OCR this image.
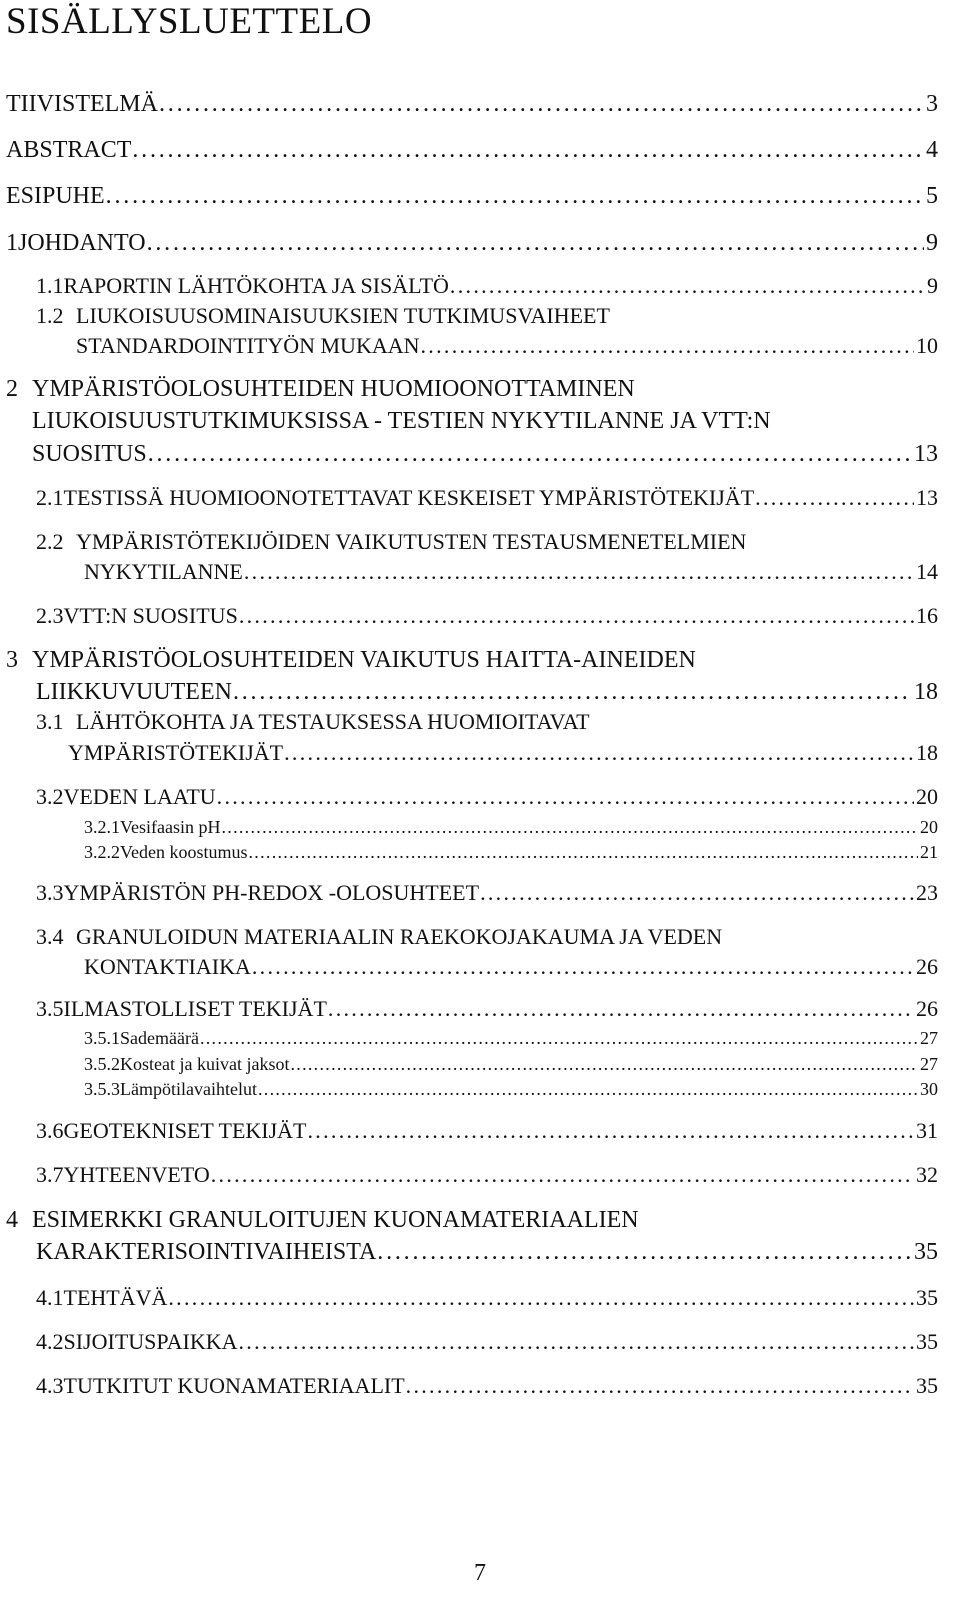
SISÄLLYSLUETTELO
TIIVISTELMÄ . . .	3
ABSTRACT . . .	4
ESIPUHE . . .	5
1 JOHDANTO . . .	9
1.1 RAPORTIN LÄHTÖKOHTA JA SISÄLTÖ . . .	9
1.2 LIUKOISUUSOMINAISUUKSIEN TUTKIMUSVAIHEET
STANDARDOINTITYÖN MUKAAN . . .	10
2 YMPÄRISTÖOLOSUHTEIDEN HUOMIOONOTTAMINEN
LIUKOISUUSTUTKIMUKSISSA - TESTIEN NYKYTILANNE JA VTT:N
SUOSITUS . . .	13
2.1 TESTISSÄ HUOMIOONOTETTAVAT KESKEISET YMPÄRISTÖTEKIJÄT . . .	13
2.2 YMPÄRISTÖTEKIJÖIDEN VAIKUTUSTEN TESTAUSMENETELMIEN
NYKYTILANNE . . .	14
2.3 VTT:N SUOSITUS . . .	16
3 YMPÄRISTÖOLOSUHTEIDEN VAIKUTUS HAITTA-AINEIDEN
LIIKKUVUUTEEN . . .	18
3.1 LÄHTÖKOHTA JA TESTAUKSESSA HUOMIOITAVAT
YMPÄRISTÖTEKIJÄT . . .	18
3.2 VEDEN LAATU . . .	20
3.2.1 Vesifaasin pH . . .	20
3.2.2 Veden koostumus . . .	21
3.3 YMPÄRISTÖN PH-REDOX -OLOSUHTEET . . .	23
3.4 GRANULOIDUN MATERIAALIN RAEKOKOJAKAUMA JA VEDEN
KONTAKTIAIKA . . .	26
3.5 ILMASTOLLISET TEKIJÄT . . .	26
3.5.1 Sademäärä . . .	27
3.5.2 Kosteat ja kuivat jaksot . . .	27
3.5.3 Lämpötilavaihtelut . . .	30
3.6 GEOTEKNISET TEKIJÄT . . .	31
3.7 YHTEENVETO . . .	32
4 ESIMERKKI GRANULOITUJEN KUONAMATERIAALIEN
KARAKTERISOINTIVAIHEISTA . . .	35
4.1 TEHTÄVÄ . . .	35
4.2 SIJOITUSPAIKKA . . .	35
4.3 TUTKITUT KUONAMATERIAALIT . . .	35
7
